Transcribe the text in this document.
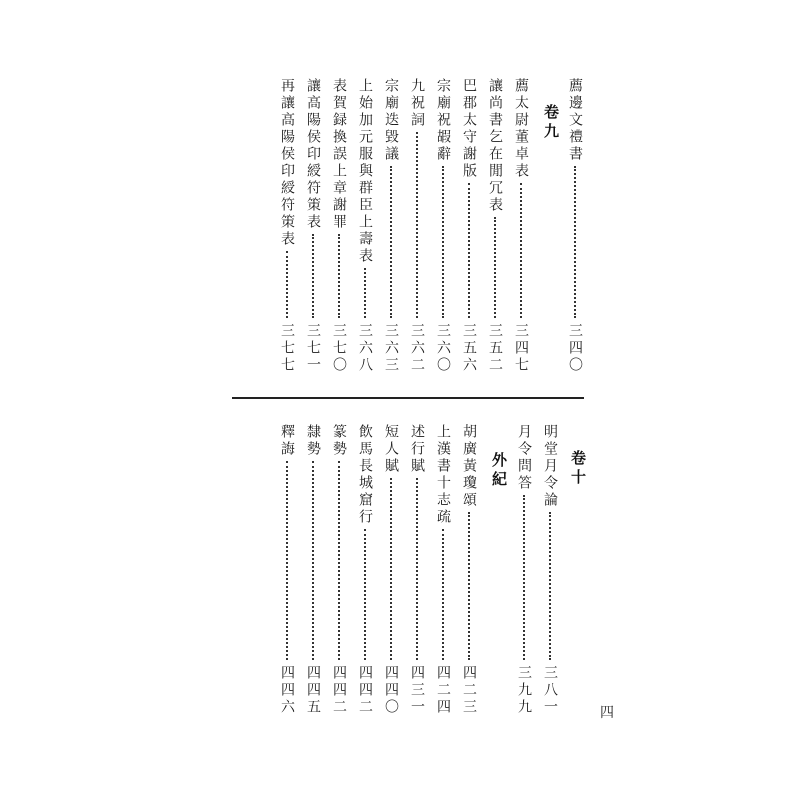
薦邊文禮書
三四〇
卷九
薦太尉董卓表
三四七
讓尚書乞在閒冗表
三五二
巴郡太守謝版
三五六
宗廟祝嘏辭
三六〇
九祝詞
三六二
宗廟迭毀議
三六三
上始加元服與群臣上壽表
三六八
表賀録換誤上章謝罪
三七〇
讓高陽侯印綬符策表
三七一
再讓高陽侯印綬符策表
三七七
卷十
明堂月令論
三八一
月令問答
三九九
外紀
胡廣黃瓊頌
四二三
上漢書十志疏
四二四
述行賦
四三一
短人賦
四四〇
飲馬長城窟行
四四二
篆勢
四四二
隸勢
四四五
釋誨
四四六	四
